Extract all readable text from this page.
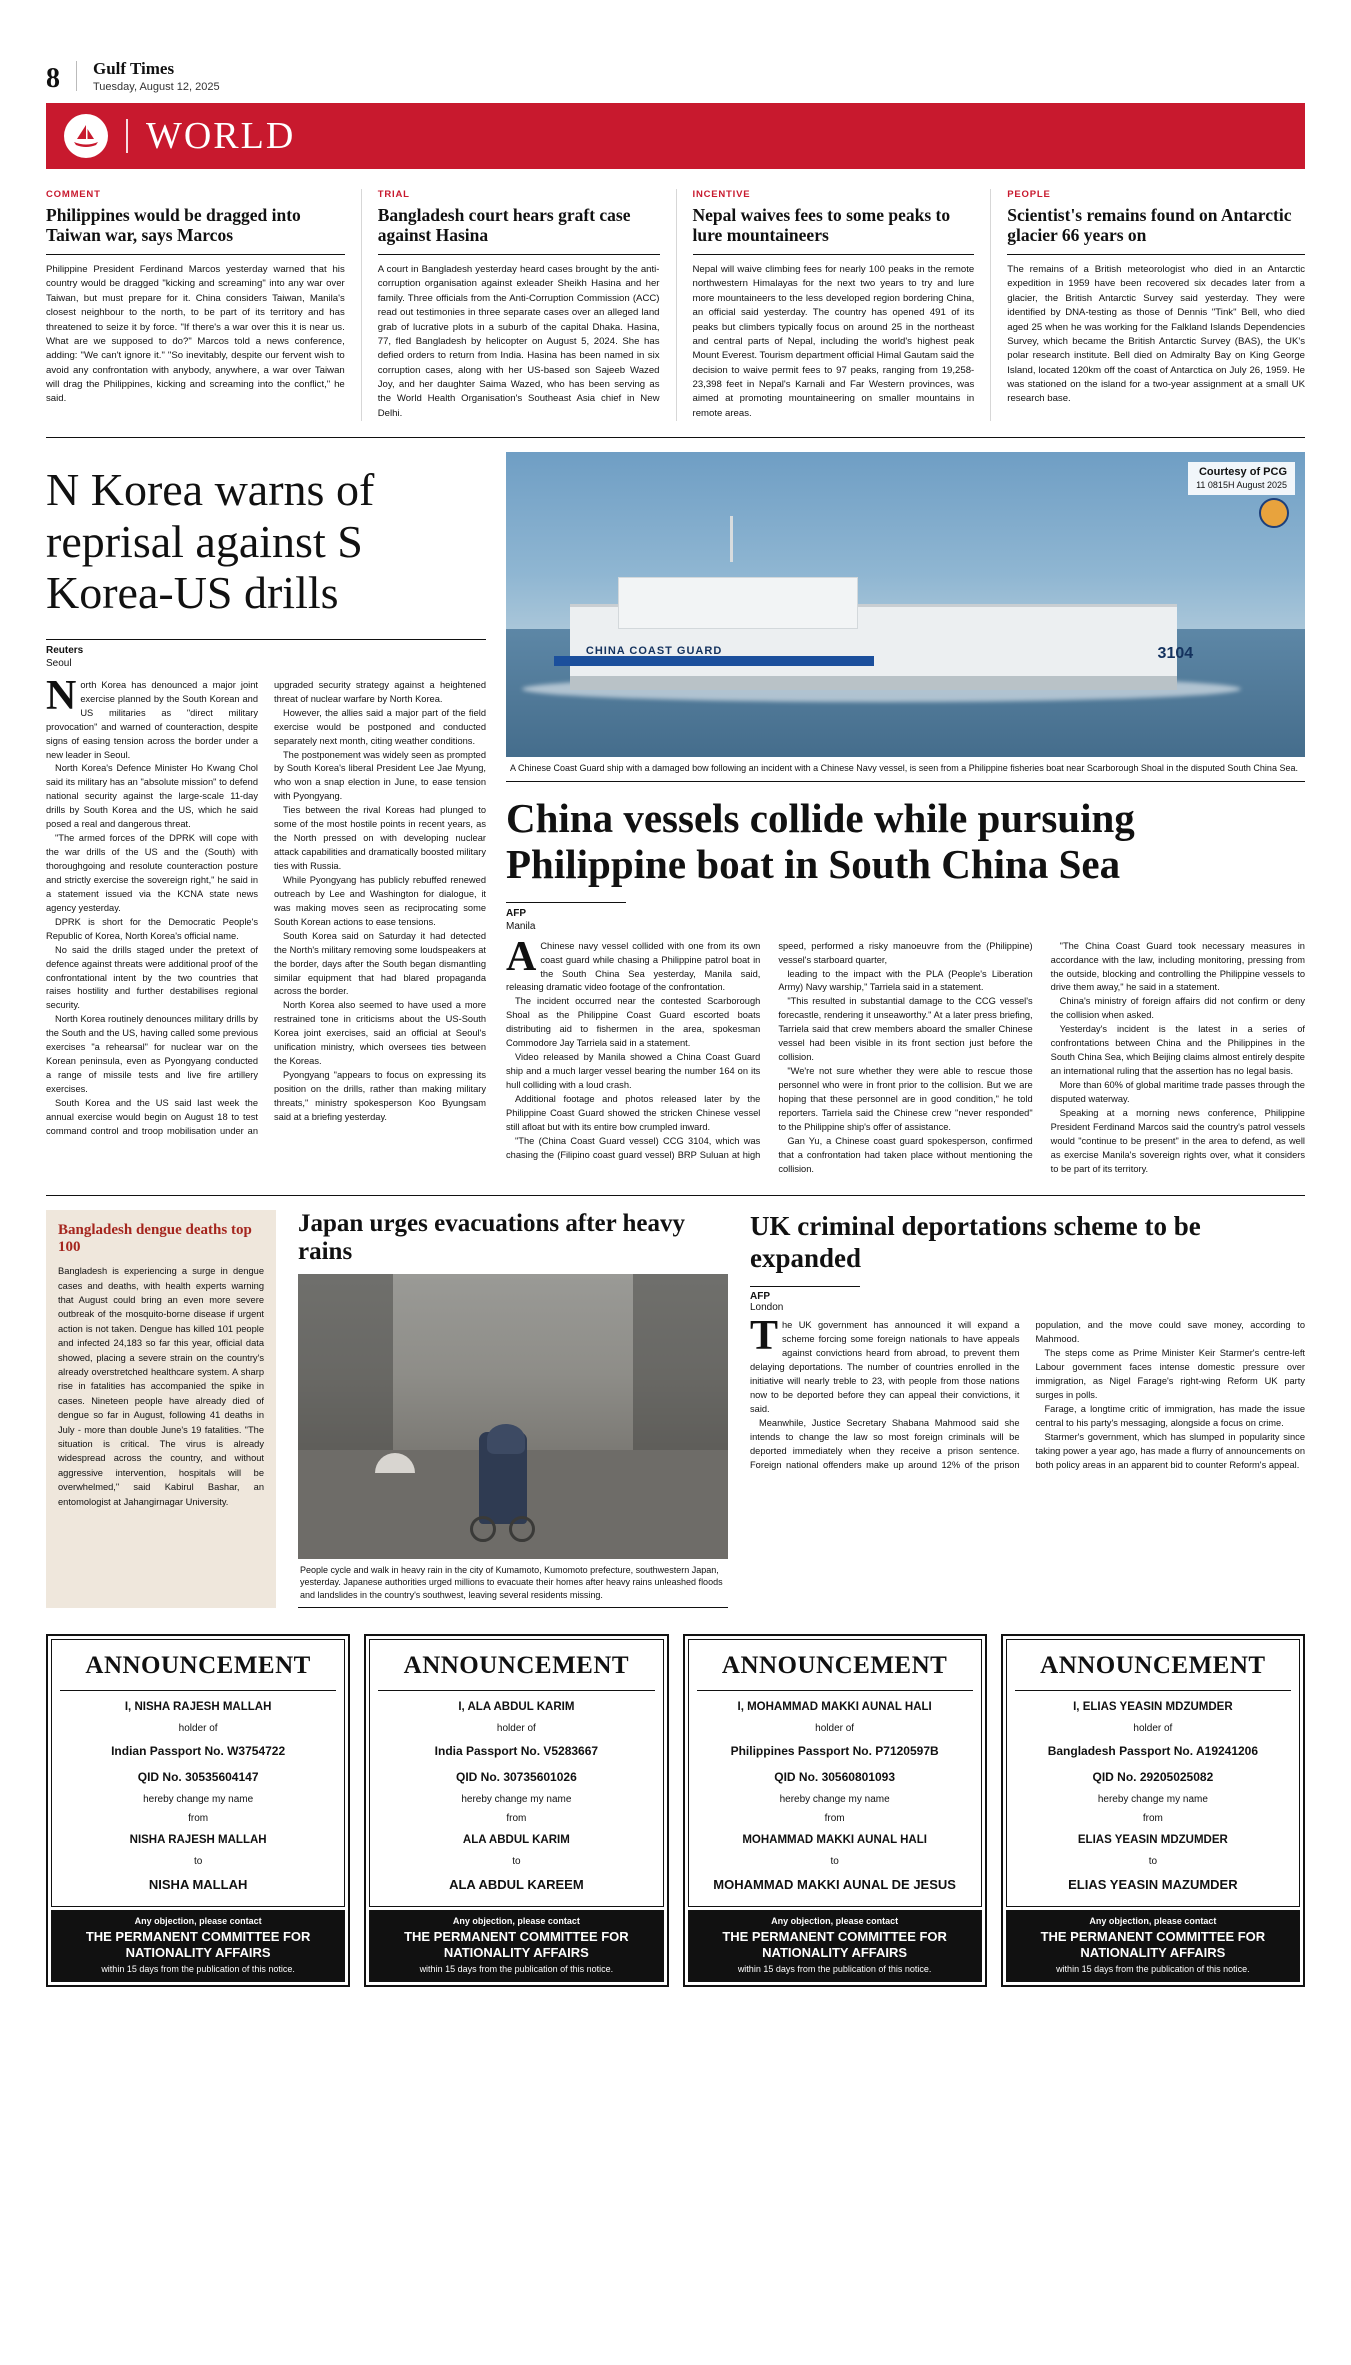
8 Gulf Times
Tuesday, August 12, 2025
WORLD
COMMENT
Philippines would be dragged into Taiwan war, says Marcos

Philippine President Ferdinand Marcos yesterday warned that his country would be dragged "kicking and screaming" into any war over Taiwan, but must prepare for it. China considers Taiwan, Manila's closest neighbour to the north, to be part of its territory and has threatened to seize it by force. "If there's a war over this it is near us. What are we supposed to do?" Marcos told a news conference, adding: "We can't ignore it." "So inevitably, despite our fervent wish to avoid any confrontation with anybody, anywhere, a war over Taiwan will drag the Philippines, kicking and screaming into the conflict," he said.

TRIAL
Bangladesh court hears graft case against Hasina

A court in Bangladesh yesterday heard cases brought by the anti-corruption organisation against exleader Sheikh Hasina and her family. Three officials from the Anti-Corruption Commission (ACC) read out testimonies in three separate cases over an alleged land grab of lucrative plots in a suburb of the capital Dhaka. Hasina, 77, fled Bangladesh by helicopter on August 5, 2024. She has defied orders to return from India. Hasina has been named in six corruption cases, along with her US-based son Sajeeb Wazed Joy, and her daughter Saima Wazed, who has been serving as the World Health Organisation's Southeast Asia chief in New Delhi.

INCENTIVE
Nepal waives fees to some peaks to lure mountaineers

Nepal will waive climbing fees for nearly 100 peaks in the remote northwestern Himalayas for the next two years to try and lure more mountaineers to the less developed region bordering China, an official said yesterday. The country has opened 491 of its peaks but climbers typically focus on around 25 in the northeast and central parts of Nepal, including the world's highest peak Mount Everest. Tourism department official Himal Gautam said the decision to waive permit fees to 97 peaks, ranging from 19,258-23,398 feet in Nepal's Karnali and Far Western provinces, was aimed at promoting mountaineering on smaller mountains in remote areas.

PEOPLE
Scientist's remains found on Antarctic glacier 66 years on

The remains of a British meteorologist who died in an Antarctic expedition in 1959 have been recovered six decades later from a glacier, the British Antarctic Survey said yesterday. They were identified by DNA-testing as those of Dennis "Tink" Bell, who died aged 25 when he was working for the Falkland Islands Dependencies Survey, which became the British Antarctic Survey (BAS), the UK's polar research institute. Bell died on Admiralty Bay on King George Island, located 120km off the coast of Antarctica on July 26, 1959. He was stationed on the island for a two-year assignment at a small UK research base.

N Korea warns of reprisal against S Korea-US drills
Reuters
Seoul

North Korea has denounced a major joint exercise planned by the South Korean and US militaries as "direct military provocation" and warned of counteraction, despite signs of easing tension across the border under a new leader in Seoul.

North Korea's Defence Minister Ho Kwang Chol said its military has an "absolute mission" to defend national security against the large-scale 11-day drills by South Korea and the US, which he said posed a real and dangerous threat.

"The armed forces of the DPRK will cope with the war drills of the US and the (South) with thoroughgoing and resolute counteraction posture and strictly exercise the sovereign right," he said in a statement issued via the KCNA state news agency yesterday.

DPRK is short for the Democratic People's Republic of Korea, North Korea's official name.

No said the drills staged under the pretext of defence against threats were additional proof of the confrontational intent by the two countries that raises hostility and further destabilises regional security.

North Korea routinely denounces military drills by the South and the US, having called some previous exercises "a rehearsal" for nuclear war on the Korean peninsula, even as Pyongyang conducted a range of missile tests and live fire artillery exercises.

South Korea and the US said last week the annual exercise would begin on August 18 to test command control and troop mobilisation under an upgraded security strategy against a heightened threat of nuclear warfare by North Korea.

However, the allies said a major part of the field exercise would be postponed and conducted separately next month, citing weather conditions.

The postponement was widely seen as prompted by South Korea's liberal President Lee Jae Myung, who won a snap election in June, to ease tension with Pyongyang.

Ties between the rival Koreas had plunged to some of the most hostile points in recent years, as the North pressed on with developing nuclear attack capabilities and dramatically boosted military ties with Russia.

While Pyongyang has publicly rebuffed renewed outreach by Lee and Washington for dialogue, it was making moves seen as reciprocating some South Korean actions to ease tensions.

South Korea said on Saturday it had detected the North's military removing some loudspeakers at the border, days after the South began dismantling similar equipment that had blared propaganda across the border.

North Korea also seemed to have used a more restrained tone in criticisms about the US-South Korea joint exercises, said an official at Seoul's unification ministry, which oversees ties between the Koreas.

Pyongyang "appears to focus on expressing its position on the drills, rather than making military threats," ministry spokesperson Koo Byungsam said at a briefing yesterday.

CHINA COAST GUARD	3104
Courtesy of PCG
11 0815H August 2025
A Chinese Coast Guard ship with a damaged bow following an incident with a Chinese Navy vessel, is seen from a Philippine fisheries boat near Scarborough Shoal in the disputed South China Sea.
China vessels collide while pursuing Philippine boat in South China Sea
AFP
Manila

AChinese navy vessel collided with one from its own coast guard while chasing a Philippine patrol boat in the South China Sea yesterday, Manila said, releasing dramatic video footage of the confrontation.

The incident occurred near the contested Scarborough Shoal as the Philippine Coast Guard escorted boats distributing aid to fishermen in the area, spokesman Commodore Jay Tarriela said in a statement.

Video released by Manila showed a China Coast Guard ship and a much larger vessel bearing the number 164 on its hull colliding with a loud crash.

Additional footage and photos released later by the Philippine Coast Guard showed the stricken Chinese vessel still afloat but with its entire bow crumpled inward.

"The (China Coast Guard vessel) CCG 3104, which was chasing the (Filipino coast guard vessel) BRP Suluan at high speed, performed a risky manoeuvre from the (Philippine) vessel's starboard quarter,

leading to the impact with the PLA (People's Liberation Army) Navy warship," Tarriela said in a statement.

"This resulted in substantial damage to the CCG vessel's forecastle, rendering it unseaworthy." At a later press briefing, Tarriela said that crew members aboard the smaller Chinese vessel had been visible in its front section just before the collision.

"We're not sure whether they were able to rescue those personnel who were in front prior to the collision. But we are hoping that these personnel are in good condition," he told reporters. Tarriela said the Chinese crew "never responded" to the Philippine ship's offer of assistance.

Gan Yu, a Chinese coast guard spokesperson, confirmed that a confrontation had taken place without mentioning the collision.

"The China Coast Guard took necessary measures in accordance with the law, including monitoring, pressing from the outside, blocking and controlling the Philippine vessels to drive them away," he said in a statement.

China's ministry of foreign affairs did not confirm or deny the collision when asked.

Yesterday's incident is the latest in a series of confrontations between China and the Philippines in the South China Sea, which Beijing claims almost entirely despite an international ruling that the assertion has no legal basis.

More than 60% of global maritime trade passes through the disputed waterway.

Speaking at a morning news conference, Philippine President Ferdinand Marcos said the country's patrol vessels would "continue to be present" in the area to defend, as well as exercise Manila's sovereign rights over, what it considers to be part of its territory.

Bangladesh dengue deaths top 100

Bangladesh is experiencing a surge in dengue cases and deaths, with health experts warning that August could bring an even more severe outbreak of the mosquito-borne disease if urgent action is not taken. Dengue has killed 101 people and infected 24,183 so far this year, official data showed, placing a severe strain on the country's already overstretched healthcare system. A sharp rise in fatalities has accompanied the spike in cases. Nineteen people have already died of dengue so far in August, following 41 deaths in July - more than double June's 19 fatalities. "The situation is critical. The virus is already widespread across the country, and without aggressive intervention, hospitals will be overwhelmed," said Kabirul Bashar, an entomologist at Jahangirnagar University.

Japan urges evacuations after heavy rains
People cycle and walk in heavy rain in the city of Kumamoto, Kumomoto prefecture, southwestern Japan, yesterday. Japanese authorities urged millions to evacuate their homes after heavy rains unleashed floods and landslides in the country's southwest, leaving several residents missing.
UK criminal deportations scheme to be expanded
AFP
London

The UK government has announced it will expand a scheme forcing some foreign nationals to have appeals against convictions heard from abroad, to prevent them delaying deportations. The number of countries enrolled in the initiative will nearly treble to 23, with people from those nations now to be deported before they can appeal their convictions, it said.

Meanwhile, Justice Secretary Shabana Mahmood said she intends to change the law so most foreign criminals will be deported immediately when they receive a prison sentence. Foreign national offenders make up around 12% of the prison population, and the move could save money, according to Mahmood.

The steps come as Prime Minister Keir Starmer's centre-left Labour government faces intense domestic pressure over immigration, as Nigel Farage's right-wing Reform UK party surges in polls.

Farage, a longtime critic of immigration, has made the issue central to his party's messaging, alongside a focus on crime.

Starmer's government, which has slumped in popularity since taking power a year ago, has made a flurry of announcements on both policy areas in an apparent bid to counter Reform's appeal.

ANNOUNCEMENT
I, NISHA RAJESH MALLAH
holder of
Indian Passport No. W3754722
QID No. 30535604147
hereby change my name
from
NISHA RAJESH MALLAH
to
NISHA MALLAH
Any objection, please contact
THE PERMANENT COMMITTEE FOR NATIONALITY AFFAIRS
within 15 days from the publication of this notice.
ANNOUNCEMENT
I, ALA ABDUL KARIM
holder of
India Passport No. V5283667
QID No. 30735601026
hereby change my name
from
ALA ABDUL KARIM
to
ALA ABDUL KAREEM
Any objection, please contact
THE PERMANENT COMMITTEE FOR NATIONALITY AFFAIRS
within 15 days from the publication of this notice.
ANNOUNCEMENT
I, MOHAMMAD MAKKI AUNAL HALI
holder of
Philippines Passport No. P7120597B
QID No. 30560801093
hereby change my name
from
MOHAMMAD MAKKI AUNAL HALI
to
MOHAMMAD MAKKI AUNAL DE JESUS
Any objection, please contact
THE PERMANENT COMMITTEE FOR NATIONALITY AFFAIRS
within 15 days from the publication of this notice.
ANNOUNCEMENT
I, ELIAS YEASIN MDZUMDER
holder of
Bangladesh Passport No. A19241206
QID No. 29205025082
hereby change my name
from
ELIAS YEASIN MDZUMDER
to
ELIAS YEASIN MAZUMDER
Any objection, please contact
THE PERMANENT COMMITTEE FOR NATIONALITY AFFAIRS
within 15 days from the publication of this notice.
